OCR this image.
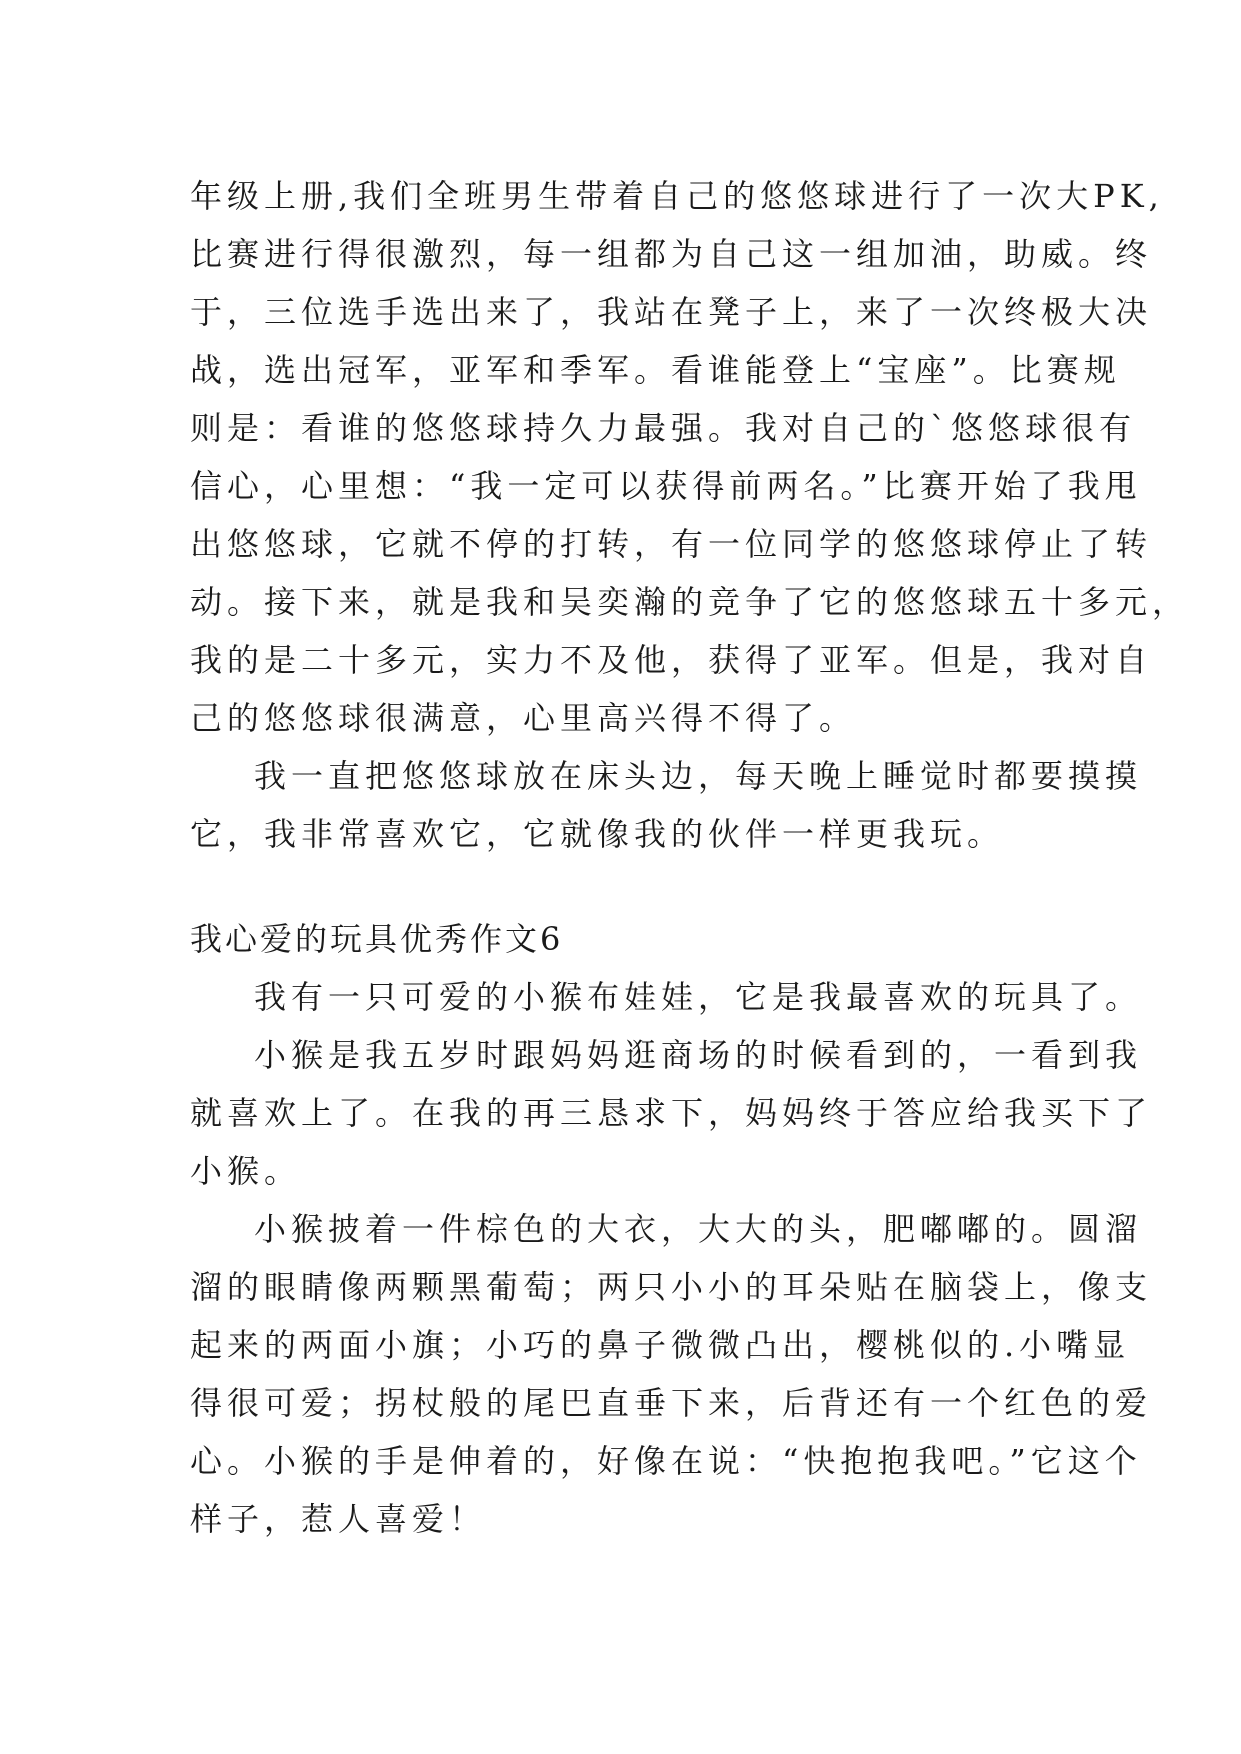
年级上册,我们全班男生带着自己的悠悠球进行了一次大PK,
比赛进行得很激烈，每一组都为自己这一组加油，助威。终
于，三位选手选出来了，我站在凳子上，来了一次终极大决
战，选出冠军，亚军和季军。看谁能登上“宝座”。比赛规
则是：看谁的悠悠球持久力最强。我对自己的`悠悠球很有
信心，心里想：“我一定可以获得前两名。”比赛开始了我甩
出悠悠球，它就不停的打转，有一位同学的悠悠球停止了转
动。接下来，就是我和吴奕瀚的竞争了它的悠悠球五十多元，
我的是二十多元，实力不及他，获得了亚军。但是，我对自
己的悠悠球很满意，心里高兴得不得了。
我一直把悠悠球放在床头边，每天晚上睡觉时都要摸摸
它，我非常喜欢它，它就像我的伙伴一样更我玩。
我心爱的玩具优秀作文6
我有一只可爱的小猴布娃娃，它是我最喜欢的玩具了。
小猴是我五岁时跟妈妈逛商场的时候看到的，一看到我
就喜欢上了。在我的再三恳求下，妈妈终于答应给我买下了
小猴。
小猴披着一件棕色的大衣，大大的头，肥嘟嘟的。圆溜
溜的眼睛像两颗黑葡萄；两只小小的耳朵贴在脑袋上，像支
起来的两面小旗；小巧的鼻子微微凸出，樱桃似的.小嘴显
得很可爱；拐杖般的尾巴直垂下来，后背还有一个红色的爱
心。小猴的手是伸着的，好像在说：“快抱抱我吧。”它这个
样子，惹人喜爱！
